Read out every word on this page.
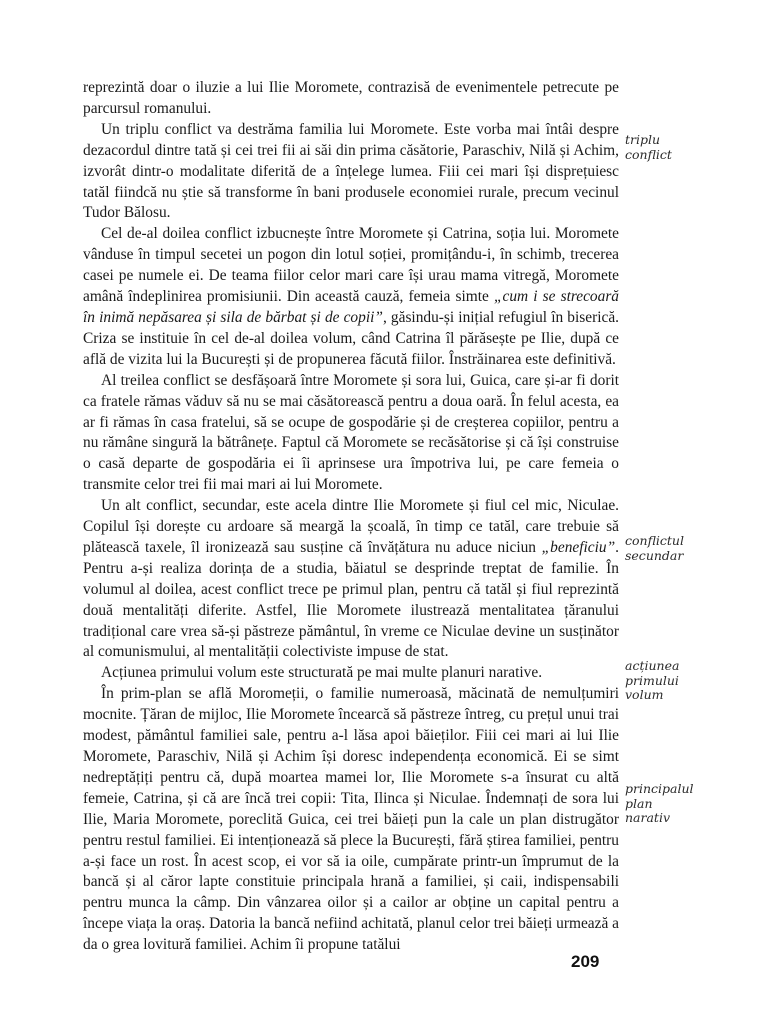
reprezintă doar o iluzie a lui Ilie Moromete, contrazisă de evenimentele petrecute pe parcursul romanului.

Un triplu conflict va destrăma familia lui Moromete. Este vorba mai întâi despre dezacordul dintre tată și cei trei fii ai săi din prima căsătorie, Paraschiv, Nilă și Achim, izvorât dintr-o modalitate diferită de a înțelege lumea. Fiii cei mari își disprețuiesc tatăl fiindcă nu știe să transforme în bani produsele economiei rurale, precum vecinul Tudor Bălosu.

Cel de-al doilea conflict izbucnește între Moromete și Catrina, soția lui. Moromete vânduse în timpul secetei un pogon din lotul soției, promițându-i, în schimb, trecerea casei pe numele ei. De teama fiilor celor mari care își urau mama vitregă, Moromete amână îndeplinirea promisiunii. Din această cauză, femeia simte „cum i se strecoară în inimă nepăsarea și sila de bărbat și de copii”, găsindu-și inițial refugiul în biserică. Criza se instituie în cel de-al doilea volum, când Catrina îl părăsește pe Ilie, după ce află de vizita lui la București și de propunerea făcută fiilor. Înstrăinarea este definitivă.

Al treilea conflict se desfășoară între Moromete și sora lui, Guica, care și-ar fi dorit ca fratele rămas văduv să nu se mai căsătorească pentru a doua oară. În felul acesta, ea ar fi rămas în casa fratelui, să se ocupe de gospodărie și de creșterea copiilor, pentru a nu rămâne singură la bătrânețe. Faptul că Moromete se recăsătorise și că își construise o casă departe de gospodăria ei îi aprinsese ura împotriva lui, pe care femeia o transmite celor trei fii mai mari ai lui Moromete.

Un alt conflict, secundar, este acela dintre Ilie Moromete și fiul cel mic, Niculae. Copilul își dorește cu ardoare să meargă la școală, în timp ce tatăl, care trebuie să plătească taxele, îl ironizează sau susține că învățătura nu aduce niciun „beneficiu”. Pentru a-și realiza dorința de a studia, băiatul se desprinde treptat de familie. În volumul al doilea, acest conflict trece pe primul plan, pentru că tatăl și fiul reprezintă două mentalități diferite. Astfel, Ilie Moromete ilustrează mentalitatea țăranului tradițional care vrea să-și păstreze pământul, în vreme ce Niculae devine un susținător al comunismului, al mentalității colectiviste impuse de stat.

Acțiunea primului volum este structurată pe mai multe planuri narative.

În prim-plan se află Moromeții, o familie numeroasă, măcinată de nemulțumiri mocnite. Țăran de mijloc, Ilie Moromete încearcă să păstreze întreg, cu prețul unui trai modest, pământul familiei sale, pentru a-l lăsa apoi băieților. Fiii cei mari ai lui Ilie Moromete, Paraschiv, Nilă și Achim își doresc independența economică. Ei se simt nedreptățiți pentru că, după moartea mamei lor, Ilie Moromete s-a însurat cu altă femeie, Catrina, și că are încă trei copii: Tita, Ilinca și Niculae. Îndemnați de sora lui Ilie, Maria Moromete, poreclită Guica, cei trei băieți pun la cale un plan distrugător pentru restul familiei. Ei intenționează să plece la București, fără știrea familiei, pentru a-și face un rost. În acest scop, ei vor să ia oile, cumpărate printr-un împrumut de la bancă și al căror lapte constituie principala hrană a familiei, și caii, indispensabili pentru munca la câmp. Din vânzarea oilor și a cailor ar obține un capital pentru a începe viața la oraș. Datoria la bancă nefiind achitată, planul celor trei băieți urmează a da o grea lovitură familiei. Achim îi propune tatălui

triplu
conflict
conflictul
secundar
acțiunea
primului
volum
principalul
plan
narativ
209
